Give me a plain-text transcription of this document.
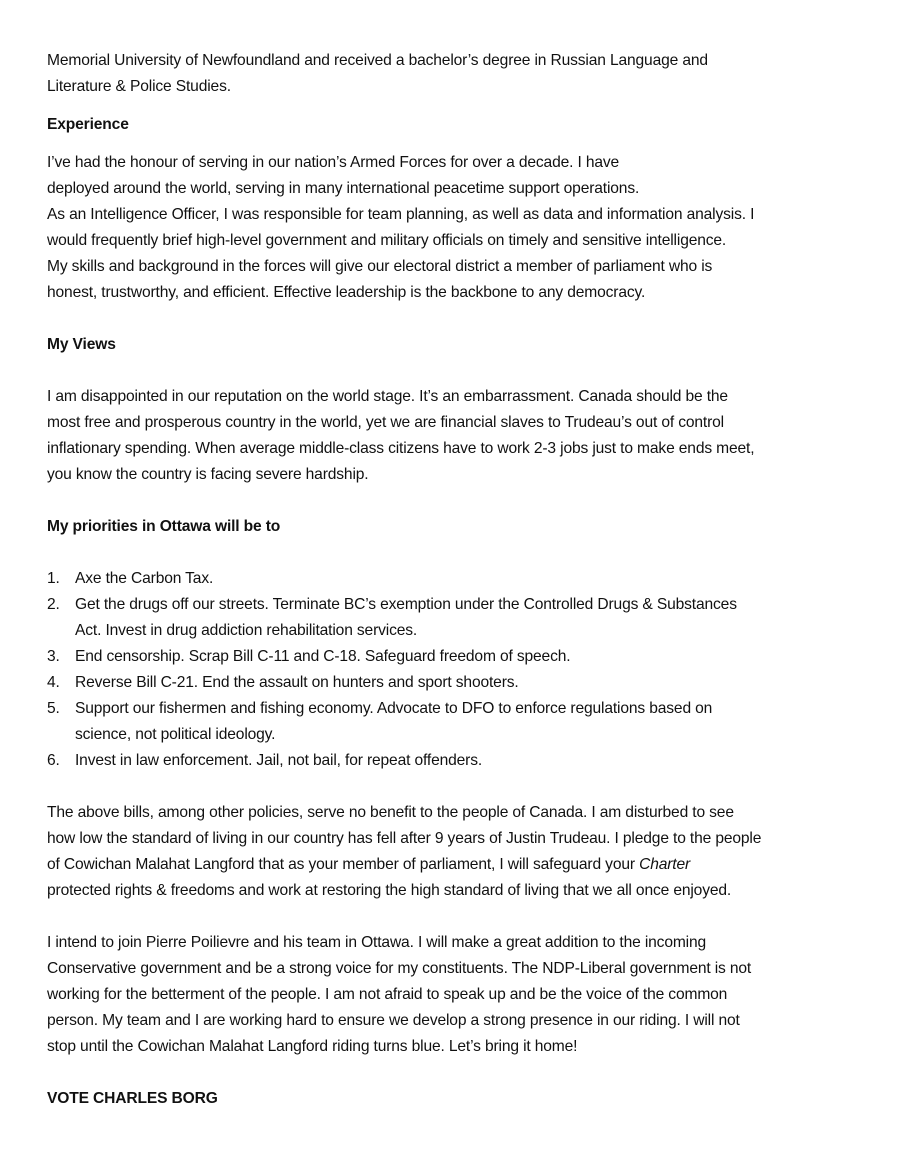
Memorial University of Newfoundland and received a bachelor’s degree in Russian Language and

Literature & Police Studies.

Experience

I’ve had the honour of serving in our nation’s Armed Forces for over a decade. I have

deployed around the world, serving in many international peacetime support operations.

As an Intelligence Officer, I was responsible for team planning, as well as data and information analysis. I

would frequently brief high-level government and military officials on timely and sensitive intelligence.

My skills and background in the forces will give our electoral district a member of parliament who is

honest, trustworthy, and efficient. Effective leadership is the backbone to any democracy.

My Views

I am disappointed in our reputation on the world stage. It’s an embarrassment. Canada should be the

most free and prosperous country in the world, yet we are financial slaves to Trudeau’s out of control

inflationary spending. When average middle-class citizens have to work 2-3 jobs just to make ends meet,

you know the country is facing severe hardship.

My priorities in Ottawa will be to

1. Axe the Carbon Tax.

2. Get the drugs off our streets. Terminate BC’s exemption under the Controlled Drugs & Substances

Act. Invest in drug addiction rehabilitation services.

3. End censorship. Scrap Bill C-11 and C-18. Safeguard freedom of speech.

4. Reverse Bill C-21. End the assault on hunters and sport shooters.

5. Support our fishermen and fishing economy. Advocate to DFO to enforce regulations based on

science, not political ideology.

6. Invest in law enforcement. Jail, not bail, for repeat offenders.

The above bills, among other policies, serve no benefit to the people of Canada. I am disturbed to see

how low the standard of living in our country has fell after 9 years of Justin Trudeau. I pledge to the people

of Cowichan Malahat Langford that as your member of parliament, I will safeguard your Charter

protected rights & freedoms and work at restoring the high standard of living that we all once enjoyed.

I intend to join Pierre Poilievre and his team in Ottawa. I will make a great addition to the incoming

Conservative government and be a strong voice for my constituents. The NDP-Liberal government is not

working for the betterment of the people. I am not afraid to speak up and be the voice of the common

person. My team and I are working hard to ensure we develop a strong presence in our riding. I will not

stop until the Cowichan Malahat Langford riding turns blue. Let’s bring it home!

VOTE CHARLES BORG
